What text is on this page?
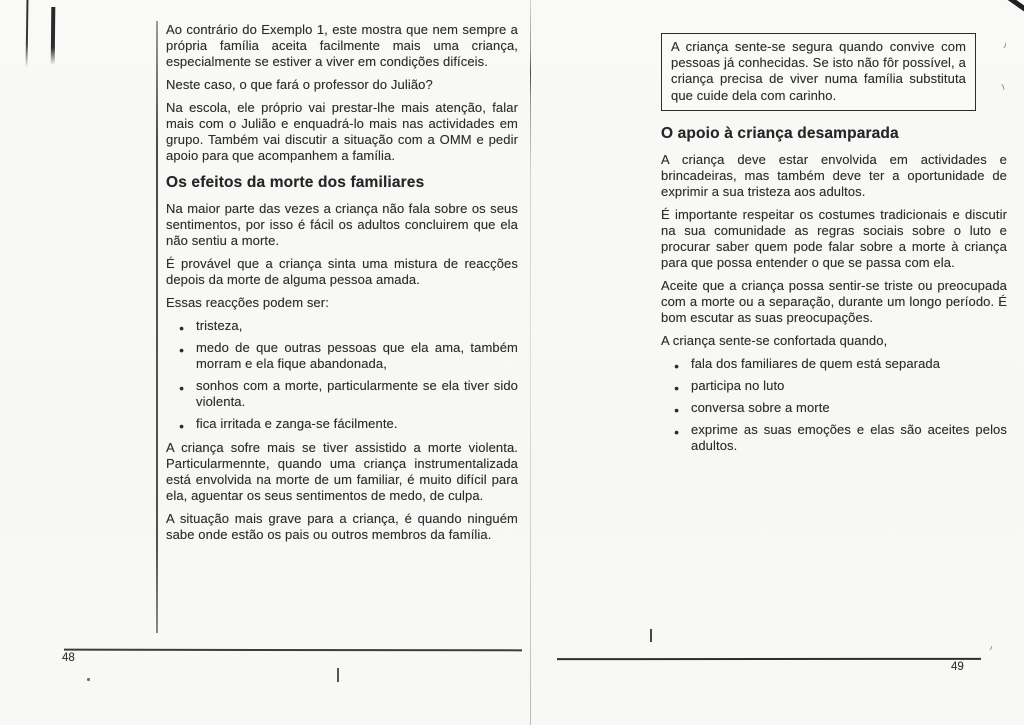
Ao contrário do Exemplo 1, este mostra que nem sempre a própria família aceita facilmente mais uma criança, especialmente se estiver a viver em condições difíceis.

Neste caso, o que fará o professor do Julião?

Na escola, ele próprio vai prestar-lhe mais atenção, falar mais com o Julião e enquadrá-lo mais nas actividades em grupo. Também vai discutir a situação com a OMM e pedir apoio para que acompanhem a família.

Os efeitos da morte dos familiares

Na maior parte das vezes a criança não fala sobre os seus sentimentos, por isso é fácil os adultos concluirem que ela não sentiu a morte.

É provável que a criança sinta uma mistura de reacções depois da morte de alguma pessoa amada.

Essas reacções podem ser:

● tristeza,
● medo de que outras pessoas que ela ama, também morram e ela fique abandonada,
● sonhos com a morte, particularmente se ela tiver sido violenta.
● fica irritada e zanga-se fácilmente.

A criança sofre mais se tiver assistido a morte violenta. Particularmennte, quando uma criança instrumentalizada está envolvida na morte de um familiar, é muito difícil para ela, aguentar os seus sentimentos de medo, de culpa.

A situação mais grave para a criança, é quando ninguém sabe onde estão os pais ou outros membros da família.

A criança sente-se segura quando convive com pessoas já conhecidas. Se isto não fôr possível, a criança precisa de viver numa família substituta que cuide dela com carinho.
O apoio à criança desamparada

A criança deve estar envolvida em actividades e brincadeiras, mas também deve ter a oportunidade de exprimir a sua tristeza aos adultos.

É importante respeitar os costumes tradicionais e discutir na sua comunidade as regras sociais sobre o luto e procurar saber quem pode falar sobre a morte à criança para que possa entender o que se passa com ela.

Aceite que a criança possa sentir-se triste ou preocupada com a morte ou a separação, durante um longo período. É bom escutar as suas preocupações.

A criança sente-se confortada quando,

● fala dos familiares de quem está separada
● participa no luto
● conversa sobre a morte
● exprime as suas emoções e elas são aceites pelos adultos.
48
49
